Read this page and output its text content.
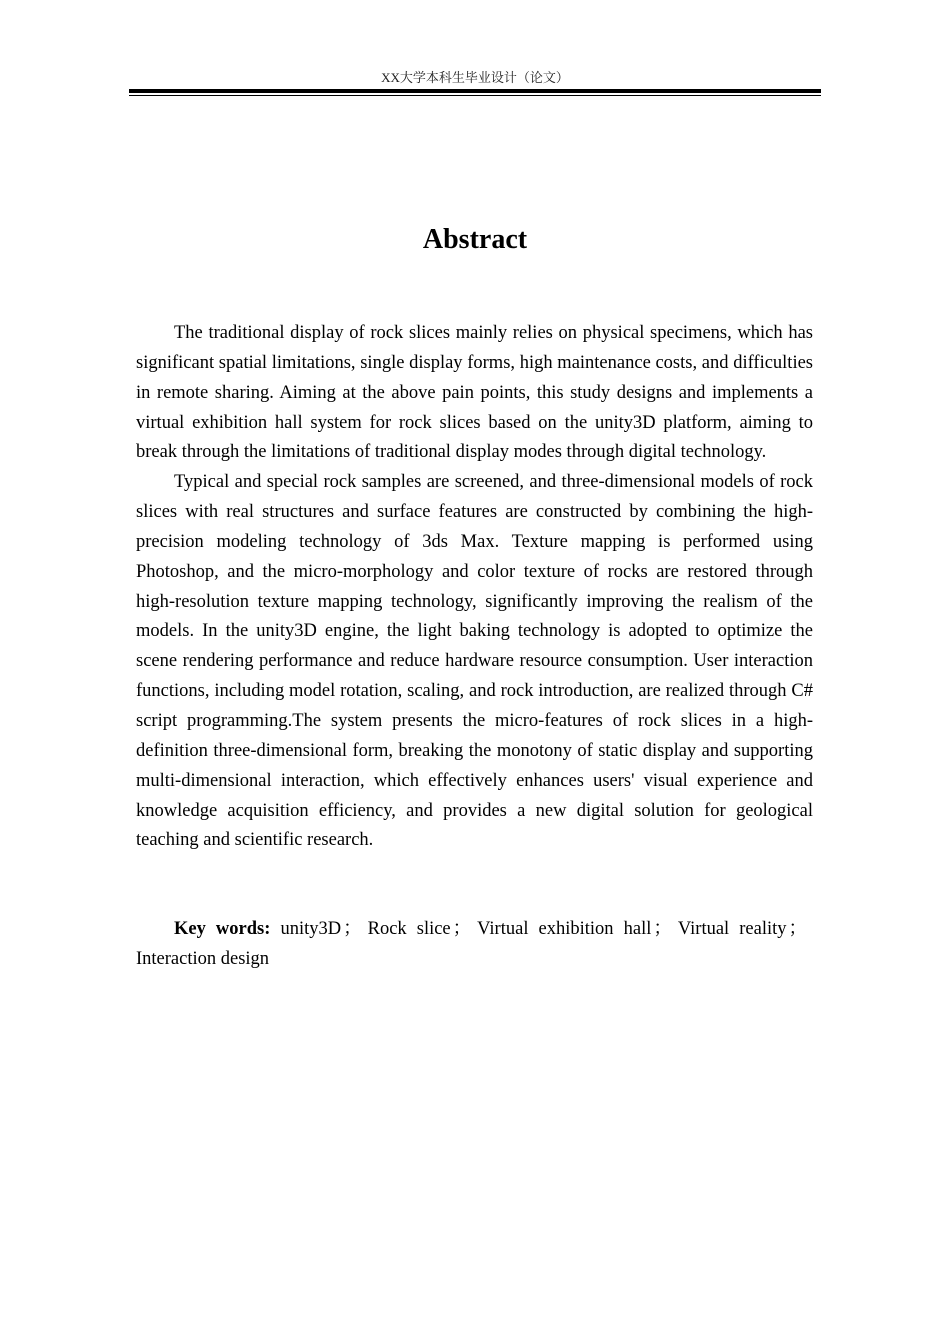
XX大学本科生毕业设计（论文）
Abstract

The traditional display of rock slices mainly relies on physical specimens, which has significant spatial limitations, single display forms, high maintenance costs, and difficulties in remote sharing. Aiming at the above pain points, this study designs and implements a virtual exhibition hall system for rock slices based on the unity3D platform, aiming to break through the limitations of traditional display modes through digital technology.

Typical and special rock samples are screened, and three-dimensional models of rock slices with real structures and surface features are constructed by combining the high-precision modeling technology of 3ds Max. Texture mapping is performed using Photoshop, and the micro-morphology and color texture of rocks are restored through high-resolution texture mapping technology, significantly improving the realism of the models. In the unity3D engine, the light baking technology is adopted to optimize the scene rendering performance and reduce hardware resource consumption. User interaction functions, including model rotation, scaling, and rock introduction, are realized through C# script programming.The system presents the micro-features of rock slices in a high-definition three-dimensional form, breaking the monotony of static display and supporting multi-dimensional interaction, which effectively enhances users' visual experience and knowledge acquisition efficiency, and provides a new digital solution for geological teaching and scientific research.

Key words: unity3D ； Rock slice ； Virtual exhibition hall ； Virtual reality ；Interaction design
